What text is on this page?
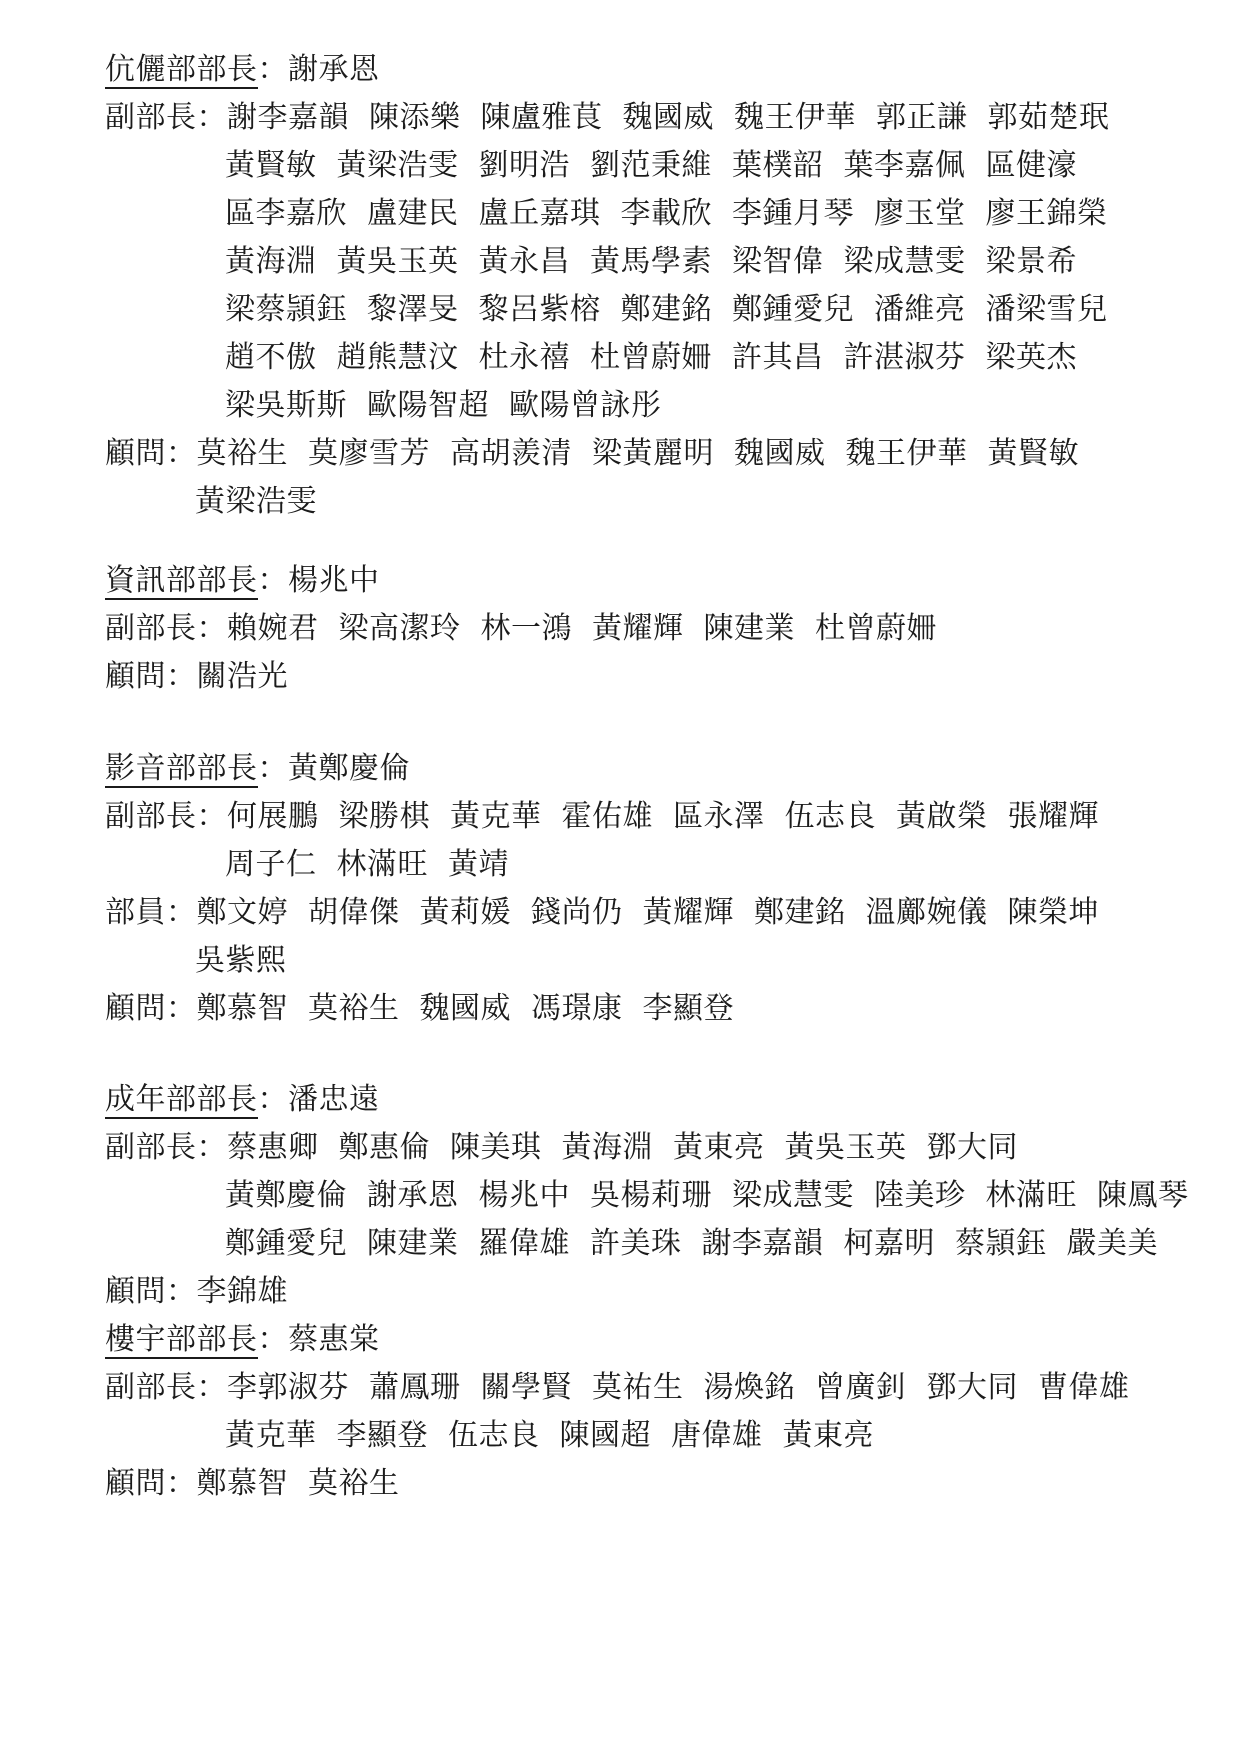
伉儷部部長：謝承恩
副部長：謝李嘉韻 陳添樂 陳盧雅茛 魏國威 魏王伊華 郭正謙 郭茹楚珉
黃賢敏 黃梁浩雯 劉明浩 劉范秉維 葉樸韶 葉李嘉佩 區健濠
區李嘉欣 盧建民 盧丘嘉琪 李載欣 李鍾月琴 廖玉堂 廖王錦榮
黃海淵 黃吳玉英 黃永昌 黃馬學素 梁智偉 梁成慧雯 梁景希
梁蔡頴鈺 黎澤旻 黎呂紫榕 鄭建銘 鄭鍾愛兒 潘維亮 潘梁雪兒
趙不傲 趙熊慧汶 杜永禧 杜曾蔚姍 許其昌 許湛淑芬 梁英杰
梁吳斯斯 歐陽智超 歐陽曾詠彤
顧問：莫裕生 莫廖雪芳 高胡羨清 梁黃麗明 魏國威 魏王伊華 黃賢敏
黃梁浩雯
資訊部部長：楊兆中
副部長：賴婉君 梁高潔玲 林一鴻 黃耀輝 陳建業 杜曾蔚姍
顧問：關浩光
影音部部長：黃鄭慶倫
副部長：何展鵬 梁勝棋 黃克華 霍佑雄 區永澤 伍志良 黃啟榮 張耀輝
周子仁 林滿旺 黃靖
部員：鄭文婷 胡偉傑 黃莉媛 錢尚仍 黃耀輝 鄭建銘 溫鄺婉儀 陳榮坤
吳紫熙
顧問：鄭慕智 莫裕生 魏國威 馮璟康 李顯登
成年部部長：潘忠遠
副部長：蔡惠卿 鄭惠倫 陳美琪 黃海淵 黃東亮 黃吳玉英 鄧大同
黃鄭慶倫 謝承恩 楊兆中 吳楊莉珊 梁成慧雯 陸美珍 林滿旺 陳鳳琴
鄭鍾愛兒 陳建業 羅偉雄 許美珠 謝李嘉韻 柯嘉明 蔡頴鈺 嚴美美
顧問：李錦雄
樓宇部部長：蔡惠棠
副部長：李郭淑芬 蕭鳳珊 關學賢 莫祐生 湯煥銘 曾廣釗 鄧大同 曹偉雄
黃克華 李顯登 伍志良 陳國超 唐偉雄 黃東亮
顧問：鄭慕智 莫裕生
